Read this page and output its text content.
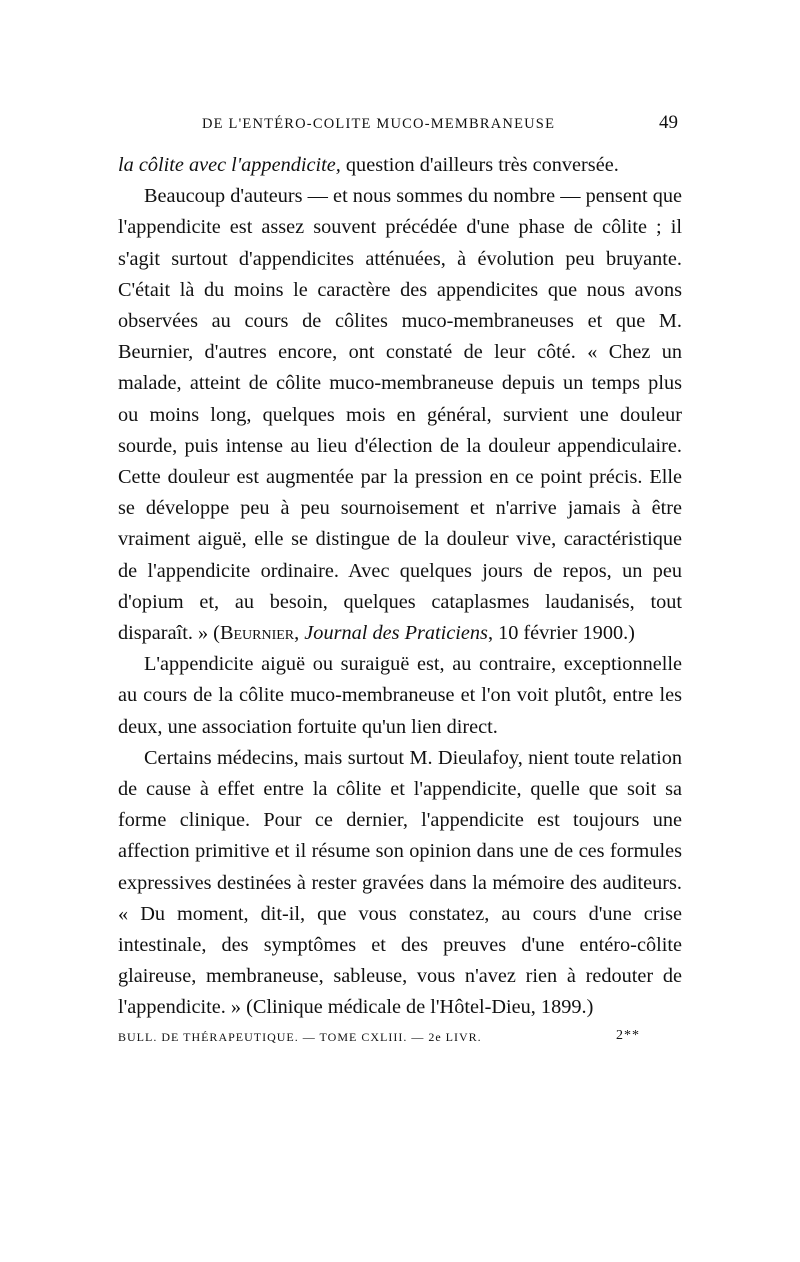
DE L'ENTÉRO-COLITE MUCO-MEMBRANEUSE	49

la côlite avec l'appendicite, question d'ailleurs très conversée.

Beaucoup d'auteurs — et nous sommes du nombre — pensent que l'appendicite est assez souvent précédée d'une phase de côlite ; il s'agit surtout d'appendicites atténuées, à évolution peu bruyante. C'était là du moins le caractère des appendicites que nous avons observées au cours de côlites muco-membraneuses et que M. Beurnier, d'autres encore, ont constaté de leur côté. « Chez un malade, atteint de côlite muco-membraneuse depuis un temps plus ou moins long, quelques mois en général, survient une douleur sourde, puis intense au lieu d'élection de la douleur appendiculaire. Cette douleur est augmentée par la pression en ce point précis. Elle se développe peu à peu sournoisement et n'arrive jamais à être vraiment aiguë, elle se distingue de la douleur vive, caractéristique de l'appendicite ordinaire. Avec quelques jours de repos, un peu d'opium et, au besoin, quelques cataplasmes laudanisés, tout disparaît. » (Beurnier, Journal des Praticiens, 10 février 1900.)

L'appendicite aiguë ou suraiguë est, au contraire, exceptionnelle au cours de la côlite muco-membraneuse et l'on voit plutôt, entre les deux, une association fortuite qu'un lien direct.

Certains médecins, mais surtout M. Dieulafoy, nient toute relation de cause à effet entre la côlite et l'appendicite, quelle que soit sa forme clinique. Pour ce dernier, l'appendicite est toujours une affection primitive et il résume son opinion dans une de ces formules expressives destinées à rester gravées dans la mémoire des auditeurs. « Du moment, dit-il, que vous constatez, au cours d'une crise intestinale, des symptômes et des preuves d'une entéro-côlite glaireuse, membraneuse, sableuse, vous n'avez rien à redouter de l'appendicite. » (Clinique médicale de l'Hôtel-Dieu, 1899.)

BULL. DE THÉRAPEUTIQUE. — TOME CXLIII. — 2e LIVR.	2**
